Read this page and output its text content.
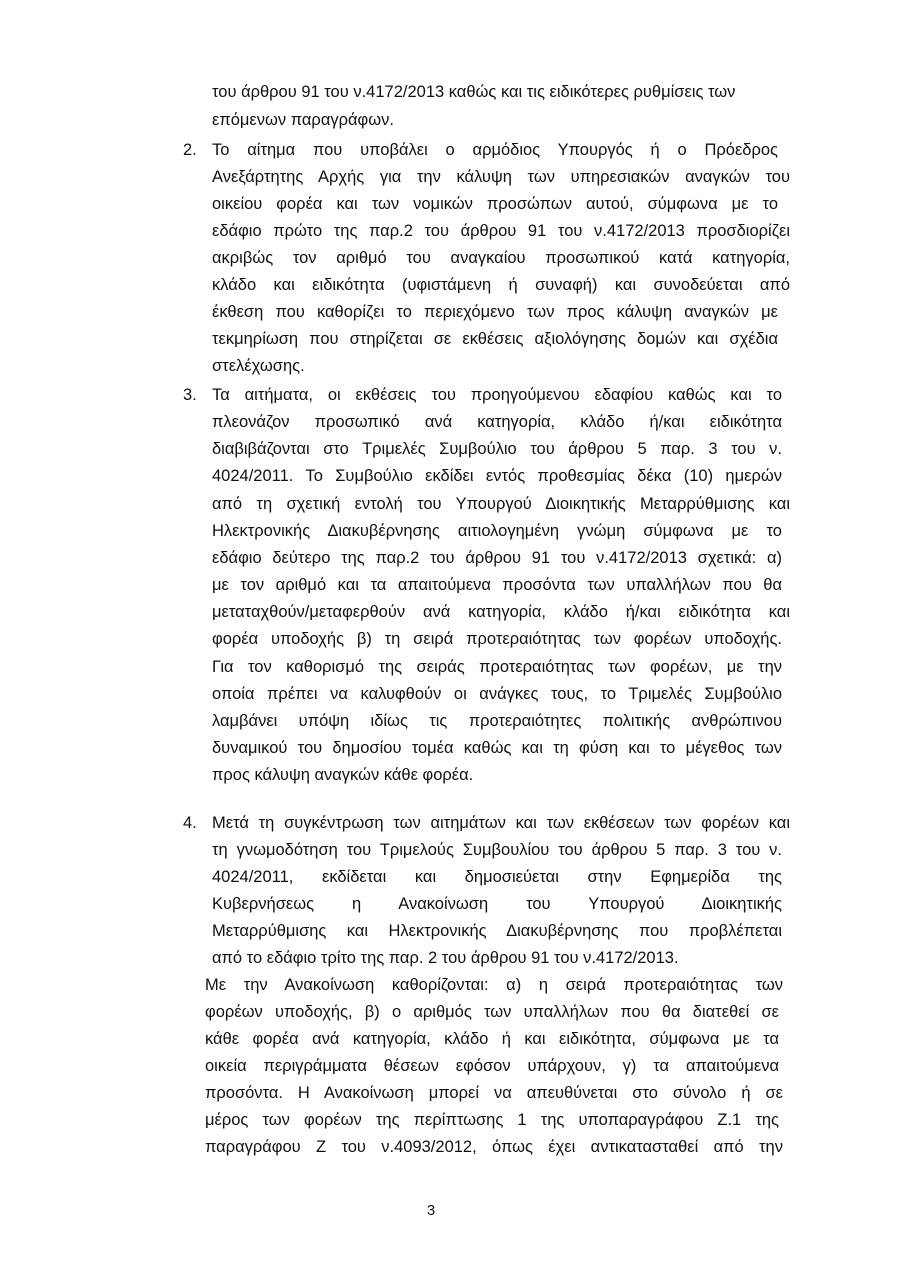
του άρθρου 91 του ν.4172/2013 καθώς και τις ειδικότερες ρυθμίσεις των
επόμενων παραγράφων.
2. Το αίτημα που υποβάλει ο αρμόδιος Υπουργός ή ο Πρόεδρος
Ανεξάρτητης Αρχής για την κάλυψη των υπηρεσιακών αναγκών του
οικείου φορέα και των νομικών προσώπων αυτού, σύμφωνα με το
εδάφιο πρώτο της παρ.2 του άρθρου 91 του ν.4172/2013 προσδιορίζει
ακριβώς τον αριθμό του αναγκαίου προσωπικού κατά κατηγορία,
κλάδο και ειδικότητα (υφιστάμενη ή συναφή) και συνοδεύεται από
έκθεση που καθορίζει το περιεχόμενο των προς κάλυψη αναγκών με
τεκμηρίωση που στηρίζεται σε εκθέσεις αξιολόγησης δομών και σχέδια
στελέχωσης.
3. Τα αιτήματα, οι εκθέσεις του προηγούμενου εδαφίου καθώς και το
πλεονάζον προσωπικό ανά κατηγορία, κλάδο ή/και ειδικότητα
διαβιβάζονται στο Τριμελές Συμβούλιο του άρθρου 5 παρ. 3 του ν.
4024/2011. Το Συμβούλιο εκδίδει εντός προθεσμίας δέκα (10) ημερών
από τη σχετική εντολή του Υπουργού Διοικητικής Μεταρρύθμισης και
Ηλεκτρονικής Διακυβέρνησης αιτιολογημένη γνώμη σύμφωνα με το
εδάφιο δεύτερο της παρ.2 του άρθρου 91 του ν.4172/2013 σχετικά: α)
με τον αριθμό και τα απαιτούμενα προσόντα των υπαλλήλων που θα
μεταταχθούν/μεταφερθούν ανά κατηγορία, κλάδο ή/και ειδικότητα και
φορέα υποδοχής β) τη σειρά προτεραιότητας των φορέων υποδοχής.
Για τον καθορισμό της σειράς προτεραιότητας των φορέων, με την
οποία πρέπει να καλυφθούν οι ανάγκες τους, το Τριμελές Συμβούλιο
λαμβάνει υπόψη ιδίως τις προτεραιότητες πολιτικής ανθρώπινου
δυναμικού του δημοσίου τομέα καθώς και τη φύση και το μέγεθος των
προς κάλυψη αναγκών κάθε φορέα.
4. Μετά τη συγκέντρωση των αιτημάτων και των εκθέσεων των φορέων και
τη γνωμοδότηση του Τριμελούς Συμβουλίου του άρθρου 5 παρ. 3 του ν.
4024/2011, εκδίδεται και δημοσιεύεται στην Εφημερίδα της
Κυβερνήσεως η Ανακοίνωση του Υπουργού Διοικητικής
Μεταρρύθμισης και Ηλεκτρονικής Διακυβέρνησης που προβλέπεται
από το εδάφιο τρίτο της παρ. 2 του άρθρου 91 του ν.4172/2013.
Με την Ανακοίνωση καθορίζονται: α) η σειρά προτεραιότητας των
φορέων υποδοχής, β) ο αριθμός των υπαλλήλων που θα διατεθεί σε
κάθε φορέα ανά κατηγορία, κλάδο ή και ειδικότητα, σύμφωνα με τα
οικεία περιγράμματα θέσεων εφόσον υπάρχουν, γ) τα απαιτούμενα
προσόντα. Η Ανακοίνωση μπορεί να απευθύνεται στο σύνολο ή σε
μέρος των φορέων της περίπτωσης 1 της υποπαραγράφου Ζ.1 της
παραγράφου Ζ του ν.4093/2012, όπως έχει αντικατασταθεί από την
3
